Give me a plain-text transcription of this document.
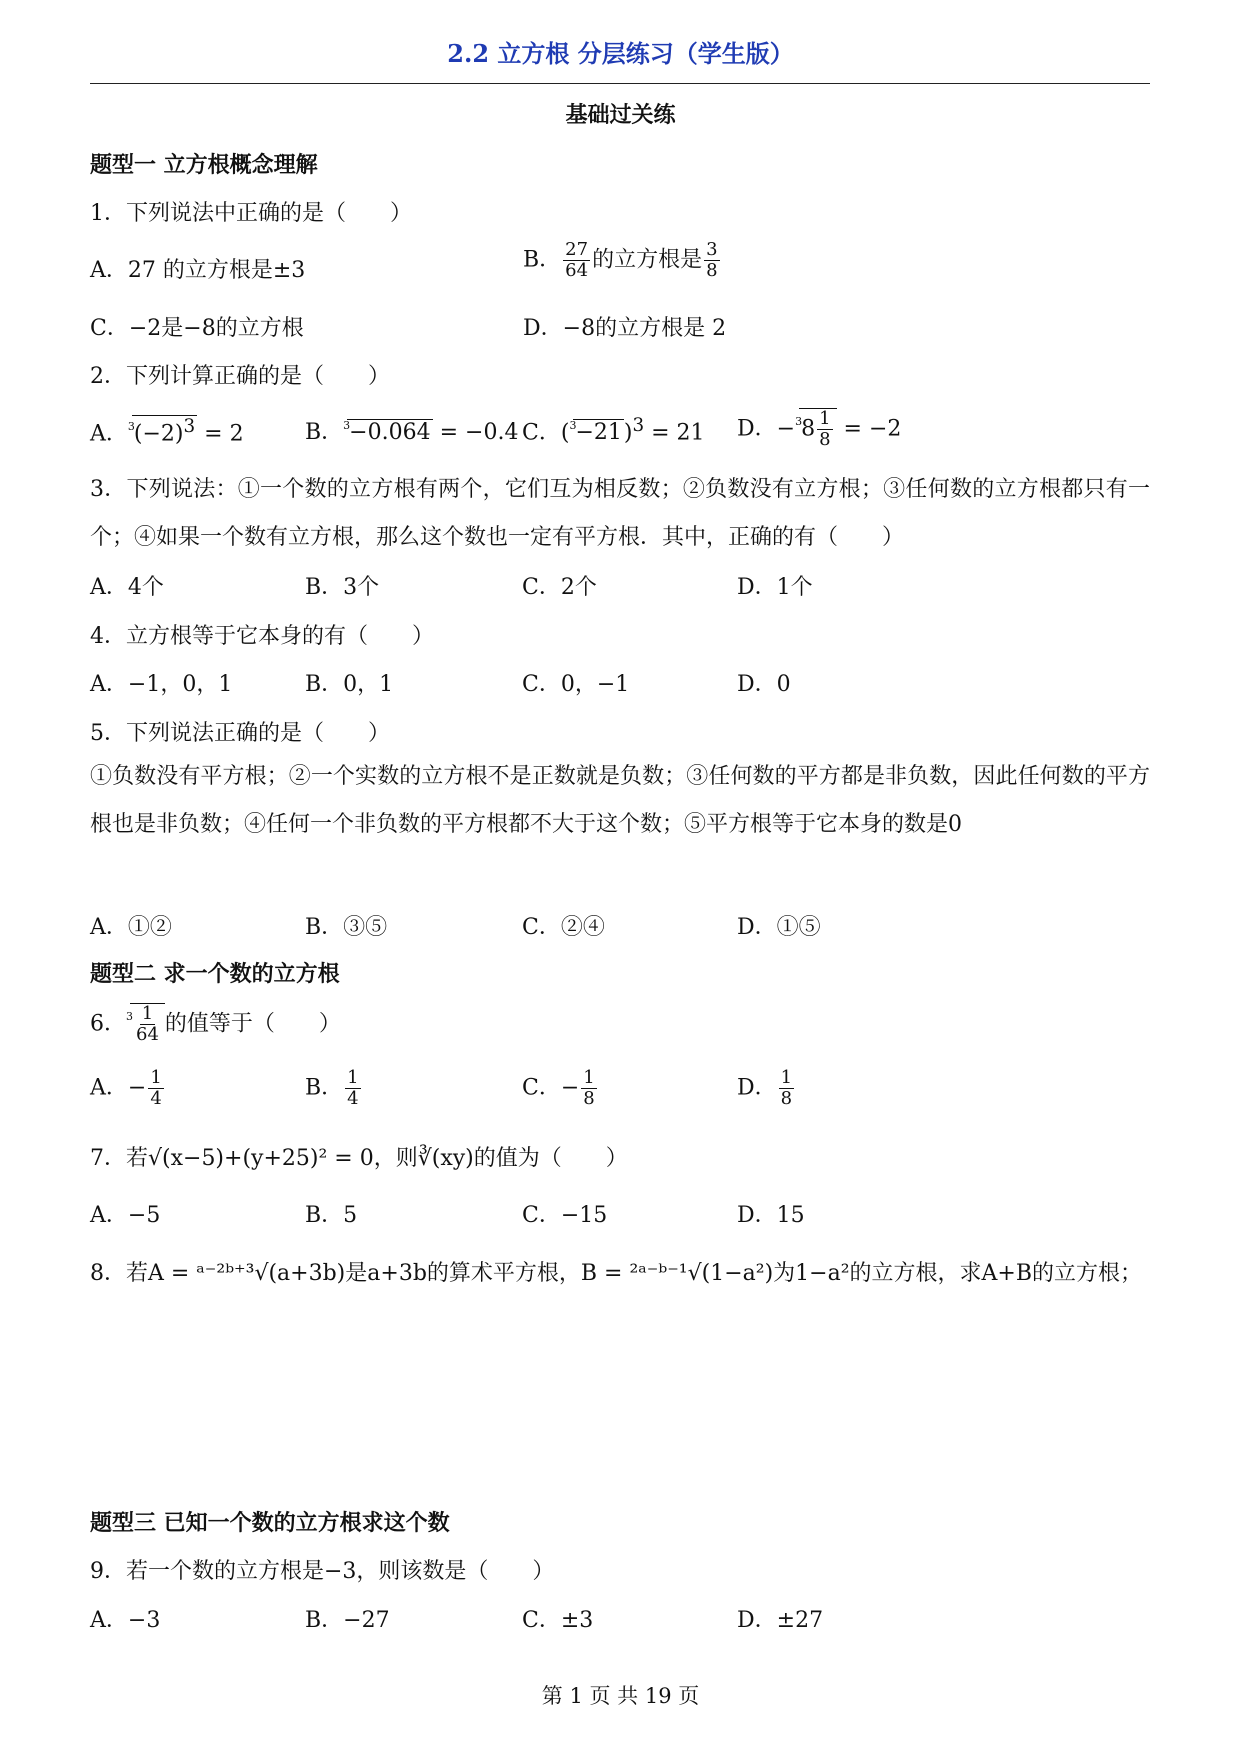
2.2 立方根 分层练习（学生版）
基础过关练
题型一 立方根概念理解
1．下列说法中正确的是（　　）
A．27 的立方根是±3	B． $\frac{27}{64}$ 的立方根是 $\frac{3}{8}$
C．−2是−8的立方根	D．−8的立方根是 2
2．下列计算正确的是（　　）
A．$^3(-2)^3 = 2$	B．$^3$−0.064 = −0.4 C．$(^3-21)^3 = 21$ D．$-^38 \frac{1}{8} = -2$
3．下列说法：①一个数的立方根有两个，它们互为相反数；②负数没有立方根；③任何数的立方根都只有一个；④如果一个数有立方根，那么这个数也一定有平方根．其中，正确的有（　　）
A．4个	B．3个	C．2个	D．1个
4．立方根等于它本身的有（　　）
A．−1，0，1	B．0，1	C．0，−1	D．0
5．下列说法正确的是（　　）
①负数没有平方根；②一个实数的立方根不是正数就是负数；③任何数的平方都是非负数，因此任何数的平方根也是非负数；④任何一个非负数的平方根都不大于这个数；⑤平方根等于它本身的数是0
A．①②	B．③⑤	C．②④	D．①⑤
题型二 求一个数的立方根
6．$^3 \frac{1}{64}$ 的值等于（　　）
A．− $\frac{1}{4}$	B． $\frac{1}{4}$	C．− $\frac{1}{8}$	D． $\frac{1}{8}$
7．若√(x−5)+(y+25)² = 0，则∛(xy)的值为（　　）
A．−5	B．5	C．−15	D．15
8．若A = ᵃ⁻²ᵇ⁺³√(a+3b)是a+3b的算术平方根，B = ²ᵃ⁻ᵇ⁻¹√(1−a²)为1−a²的立方根，求A+B的立方根；
题型三 已知一个数的立方根求这个数
9．若一个数的立方根是−3，则该数是（　　）
A．−3	B．−27	C．±3	D．±27
第 1 页 共 19 页
